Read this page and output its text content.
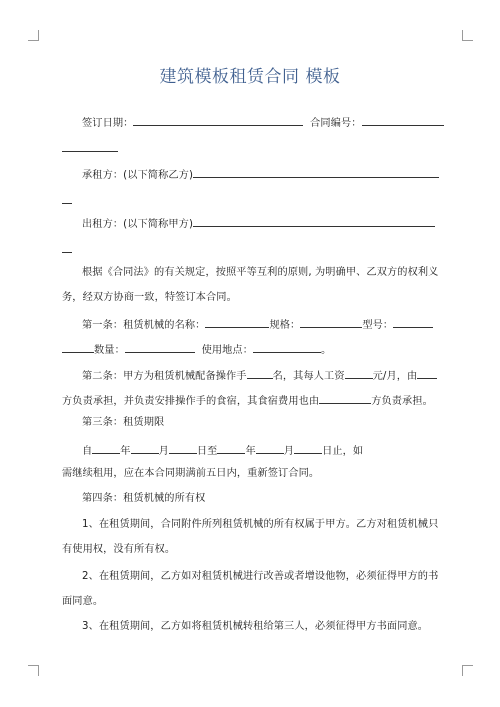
建筑模板租赁合同 模板
签订日期：	合同编号：
承租方：(以下简称乙方)
出租方：(以下简称甲方)
根据《合同法》的有关规定，按照平等互利的原则, 为明确甲、乙双方的权利义
务，经双方协商一致，特签订本合同。
第一条：租赁机械的名称：	规格：	型号：
数量：	使用地点：	。
第二条：甲方为租赁机械配备操作手	名，其每人工资	元/月，由
方负责承担，并负责安排操作手的食宿，其食宿费用也由	方负责承担。
第三条：租赁期限
自	年	月	日至	年	月	日止，如
需继续租用，应在本合同期满前五日内，重新签订合同。
第四条：租赁机械的所有权
1、在租赁期间，合同附件所列租赁机械的所有权属于甲方。乙方对租赁机械只
有使用权，没有所有权。
2、在租赁期间，乙方如对租赁机械进行改善或者增设他物，必须征得甲方的书
面同意。
3、在租赁期间，乙方如将租赁机械转租给第三人，必须征得甲方书面同意。
